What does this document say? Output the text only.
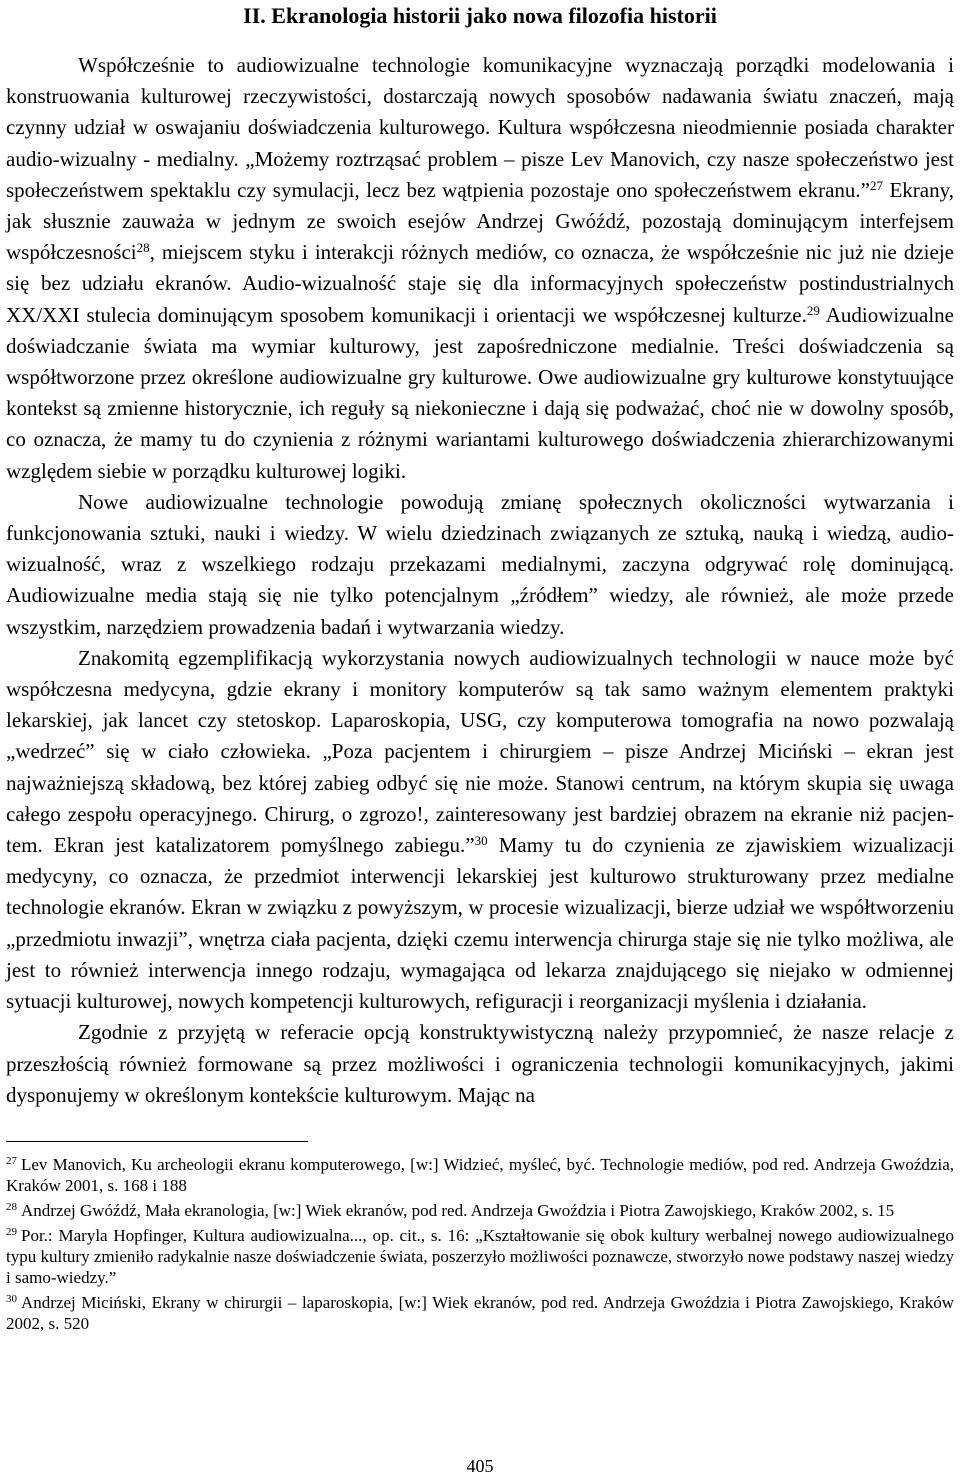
II. Ekranologia historii jako nowa filozofia historii

Współcześnie to audiowizualne technologie komunikacyjne wyznaczają porządki modelowania i konstruowania kulturowej rzeczywistości, dostarczają nowych sposobów nadawania światu znaczeń, mają czynny udział w oswajaniu doświadczenia kulturowego. Kultura współczesna nieodmiennie posiada charakter audio-wizualny - medialny. „Możemy roztrząsać problem – pisze Lev Manovich, czy nasze społeczeństwo jest społeczeństwem spektaklu czy symulacji, lecz bez wątpienia pozostaje ono społeczeństwem ekranu.”$^{27}$ Ekrany, jak słusznie zauważa w jednym ze swoich esejów Andrzej Gwóźdź, pozostają dominującym interfejsem współczesności$^{28}$, miejscem styku i interakcji różnych mediów, co oznacza, że współcześnie nic już nie dzieje się bez udziału ekranów. Audio-wizualność staje się dla informacyjnych społeczeństw postindustrialnych XX/XXI stulecia dominującym sposobem komunikacji i orientacji we współczesnej kulturze.$^{29}$ Audiowizualne doświadczanie świata ma wymiar kulturowy, jest zapośredniczone medialnie. Treści doświadczenia są współtworzone przez określone audiowizualne gry kulturowe. Owe audiowizualne gry kulturowe konstytuujące kontekst są zmienne historycznie, ich reguły są niekonieczne i dają się podważać, choć nie w dowolny sposób, co oznacza, że mamy tu do czynienia z różnymi wariantami kulturowego doświadczenia zhierarchizowanymi względem siebie w porządku kulturowej logiki.

Nowe audiowizualne technologie powodują zmianę społecznych okoliczności wytwarzania i funkcjonowania sztuki, nauki i wiedzy. W wielu dziedzinach związanych ze sztuką, nauką i wiedzą, audio-wizualność, wraz z wszelkiego rodzaju przekazami medialnymi, zaczyna odgrywać rolę dominującą. Audiowizualne media stają się nie tylko potencjalnym „źródłem” wiedzy, ale również, ale może przede wszystkim, narzędziem prowadzenia badań i wytwarzania wiedzy.

Znakomitą egzemplifikacją wykorzystania nowych audiowizualnych technologii w nauce może być współczesna medycyna, gdzie ekrany i monitory komputerów są tak samo ważnym elementem praktyki lekarskiej, jak lancet czy stetoskop. Laparoskopia, USG, czy komputerowa tomografia na nowo pozwalają „wedrzeć” się w ciało człowieka. „Poza pacjentem i chirurgiem – pisze Andrzej Miciński – ekran jest najważniejszą składową, bez której zabieg odbyć się nie może. Stanowi centrum, na którym skupia się uwaga całego zespołu operacyjnego. Chirurg, o zgrozo!, zainteresowany jest bardziej obrazem na ekranie niż pacjentem. Ekran jest katalizatorem pomyślnego zabiegu.”$^{30}$ Mamy tu do czynienia ze zjawiskiem wizualizacji medycyny, co oznacza, że przedmiot interwencji lekarskiej jest kulturowo strukturowany przez medialne technologie ekranów. Ekran w związku z powyższym, w procesie wizualizacji, bierze udział we współtworzeniu „przedmiotu inwazji”, wnętrza ciała pacjenta, dzięki czemu interwencja chirurga staje się nie tylko możliwa, ale jest to również interwencja innego rodzaju, wymagająca od lekarza znajdującego się niejako w odmiennej sytuacji kulturowej, nowych kompetencji kulturowych, refiguracji i reorganizacji myślenia i działania.

Zgodnie z przyjętą w referacie opcją konstruktywistyczną należy przypomnieć, że nasze relacje z przeszłością również formowane są przez możliwości i ograniczenia technologii komunikacyjnych, jakimi dysponujemy w określonym kontekście kulturowym. Mając na

$^{27}$ Lev Manovich, Ku archeologii ekranu komputerowego, [w:] Widzieć, myśleć, być. Technologie mediów, pod red. Andrzeja Gwoździa, Kraków 2001, s. 168 i 188

$^{28}$ Andrzej Gwóźdź, Mała ekranologia, [w:] Wiek ekranów, pod red. Andrzeja Gwoździa i Piotra Zawojskiego, Kraków 2002, s. 15

$^{29}$ Por.: Maryla Hopfinger, Kultura audiowizualna..., op. cit., s. 16: „Kształtowanie się obok kultury werbalnej nowego audiowizualnego typu kultury zmieniło radykalnie nasze doświadczenie świata, poszerzyło możliwości poznawcze, stworzyło nowe podstawy naszej wiedzy i samo-wiedzy.”

$^{30}$ Andrzej Miciński, Ekrany w chirurgii – laparoskopia, [w:] Wiek ekranów, pod red. Andrzeja Gwoździa i Piotra Zawojskiego, Kraków 2002, s. 520

405
